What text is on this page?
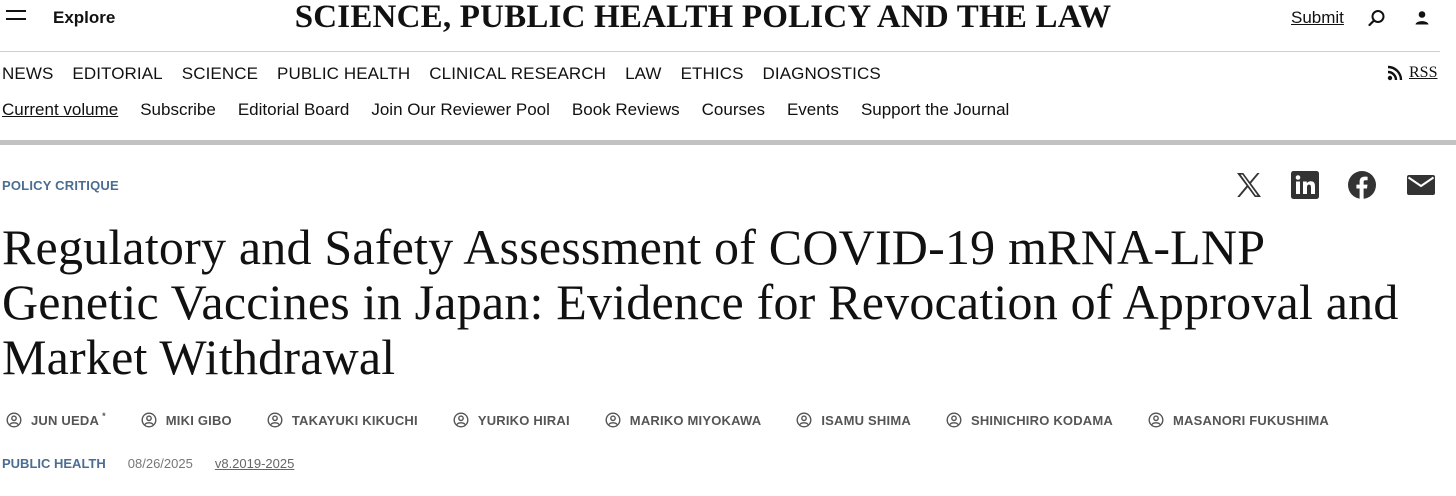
Explore	SCIENCE, PUBLIC HEALTH POLICY AND THE LAW	Submit
NEWS EDITORIAL SCIENCE PUBLIC HEALTH CLINICAL RESEARCH LAW ETHICS DIAGNOSTICS	RSS
Current volume Subscribe Editorial Board Join Our Reviewer Pool Book Reviews Courses Events Support the Journal
POLICY CRITIQUE
Regulatory and Safety Assessment of COVID-19 mRNA-LNP Genetic Vaccines in Japan: Evidence for Revocation of Approval and Market Withdrawal
JUN UEDA *	MIKI GIBO	TAKAYUKI KIKUCHI	YURIKO HIRAI	MARIKO MIYOKAWA	ISAMU SHIMA	SHINICHIRO KODAMA	MASANORI FUKUSHIMA
PUBLIC HEALTH 08/26/2025 v8.2019-2025
